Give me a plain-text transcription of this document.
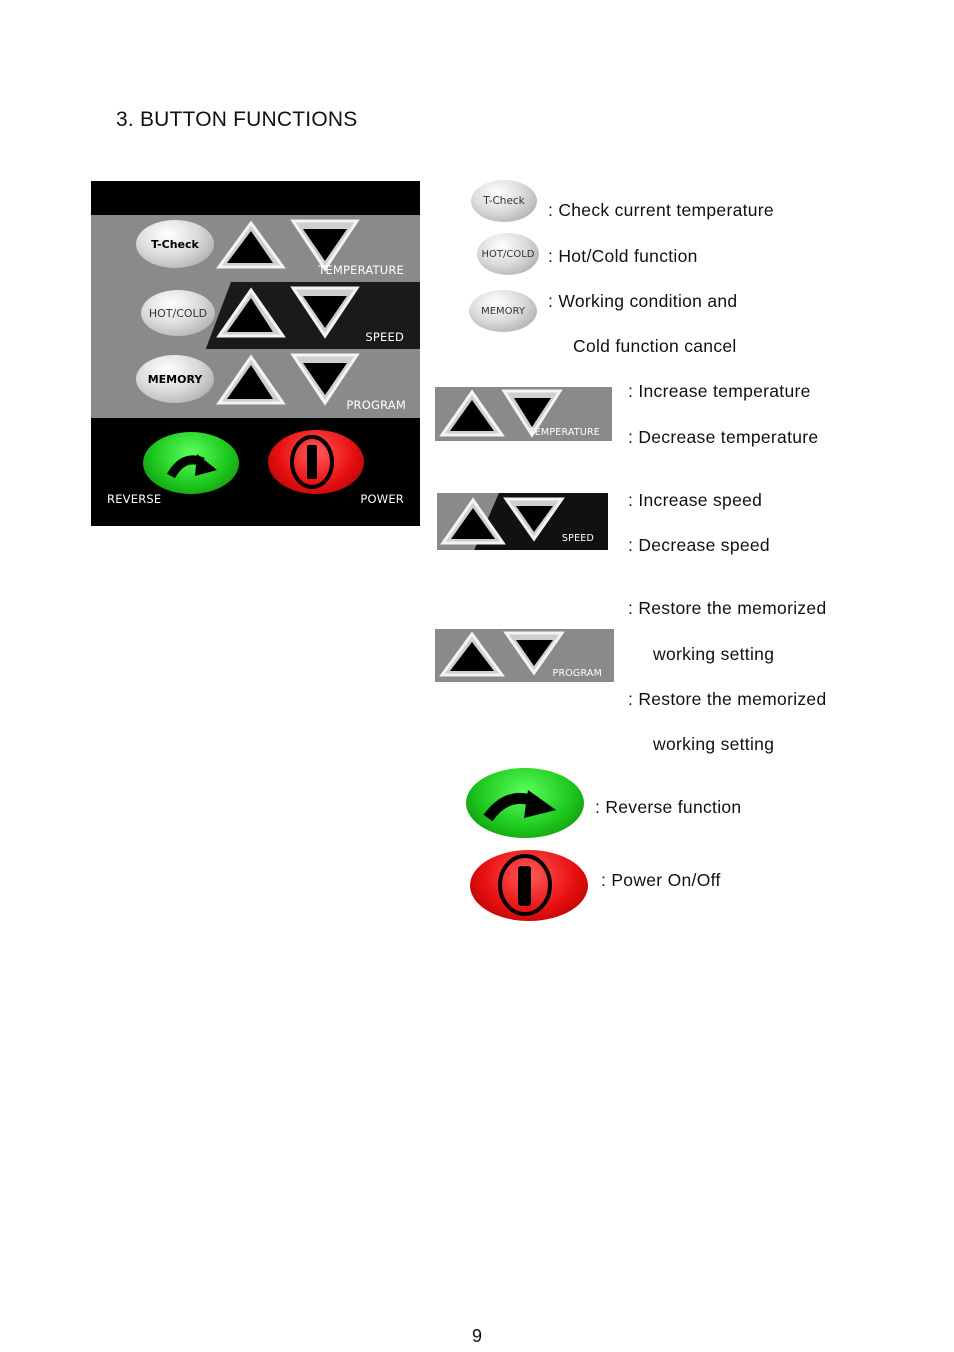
3. BUTTON FUNCTIONS
T-Check
TEMPERATURE
HOT/COLD
SPEED
MEMORY
PROGRAM
REVERSE	POWER
T-Check	: Check current temperature
HOT/COLD : Hot/Cold function
MEMORY	: Working condition and
Cold function cancel
TEMPERATURE
: Increase temperature
: Decrease temperature
SPEED
: Increase speed
: Decrease speed
PROGRAM
: Restore the memorized
working setting
: Restore the memorized
working setting
: Reverse function
: Power On/Off
9
